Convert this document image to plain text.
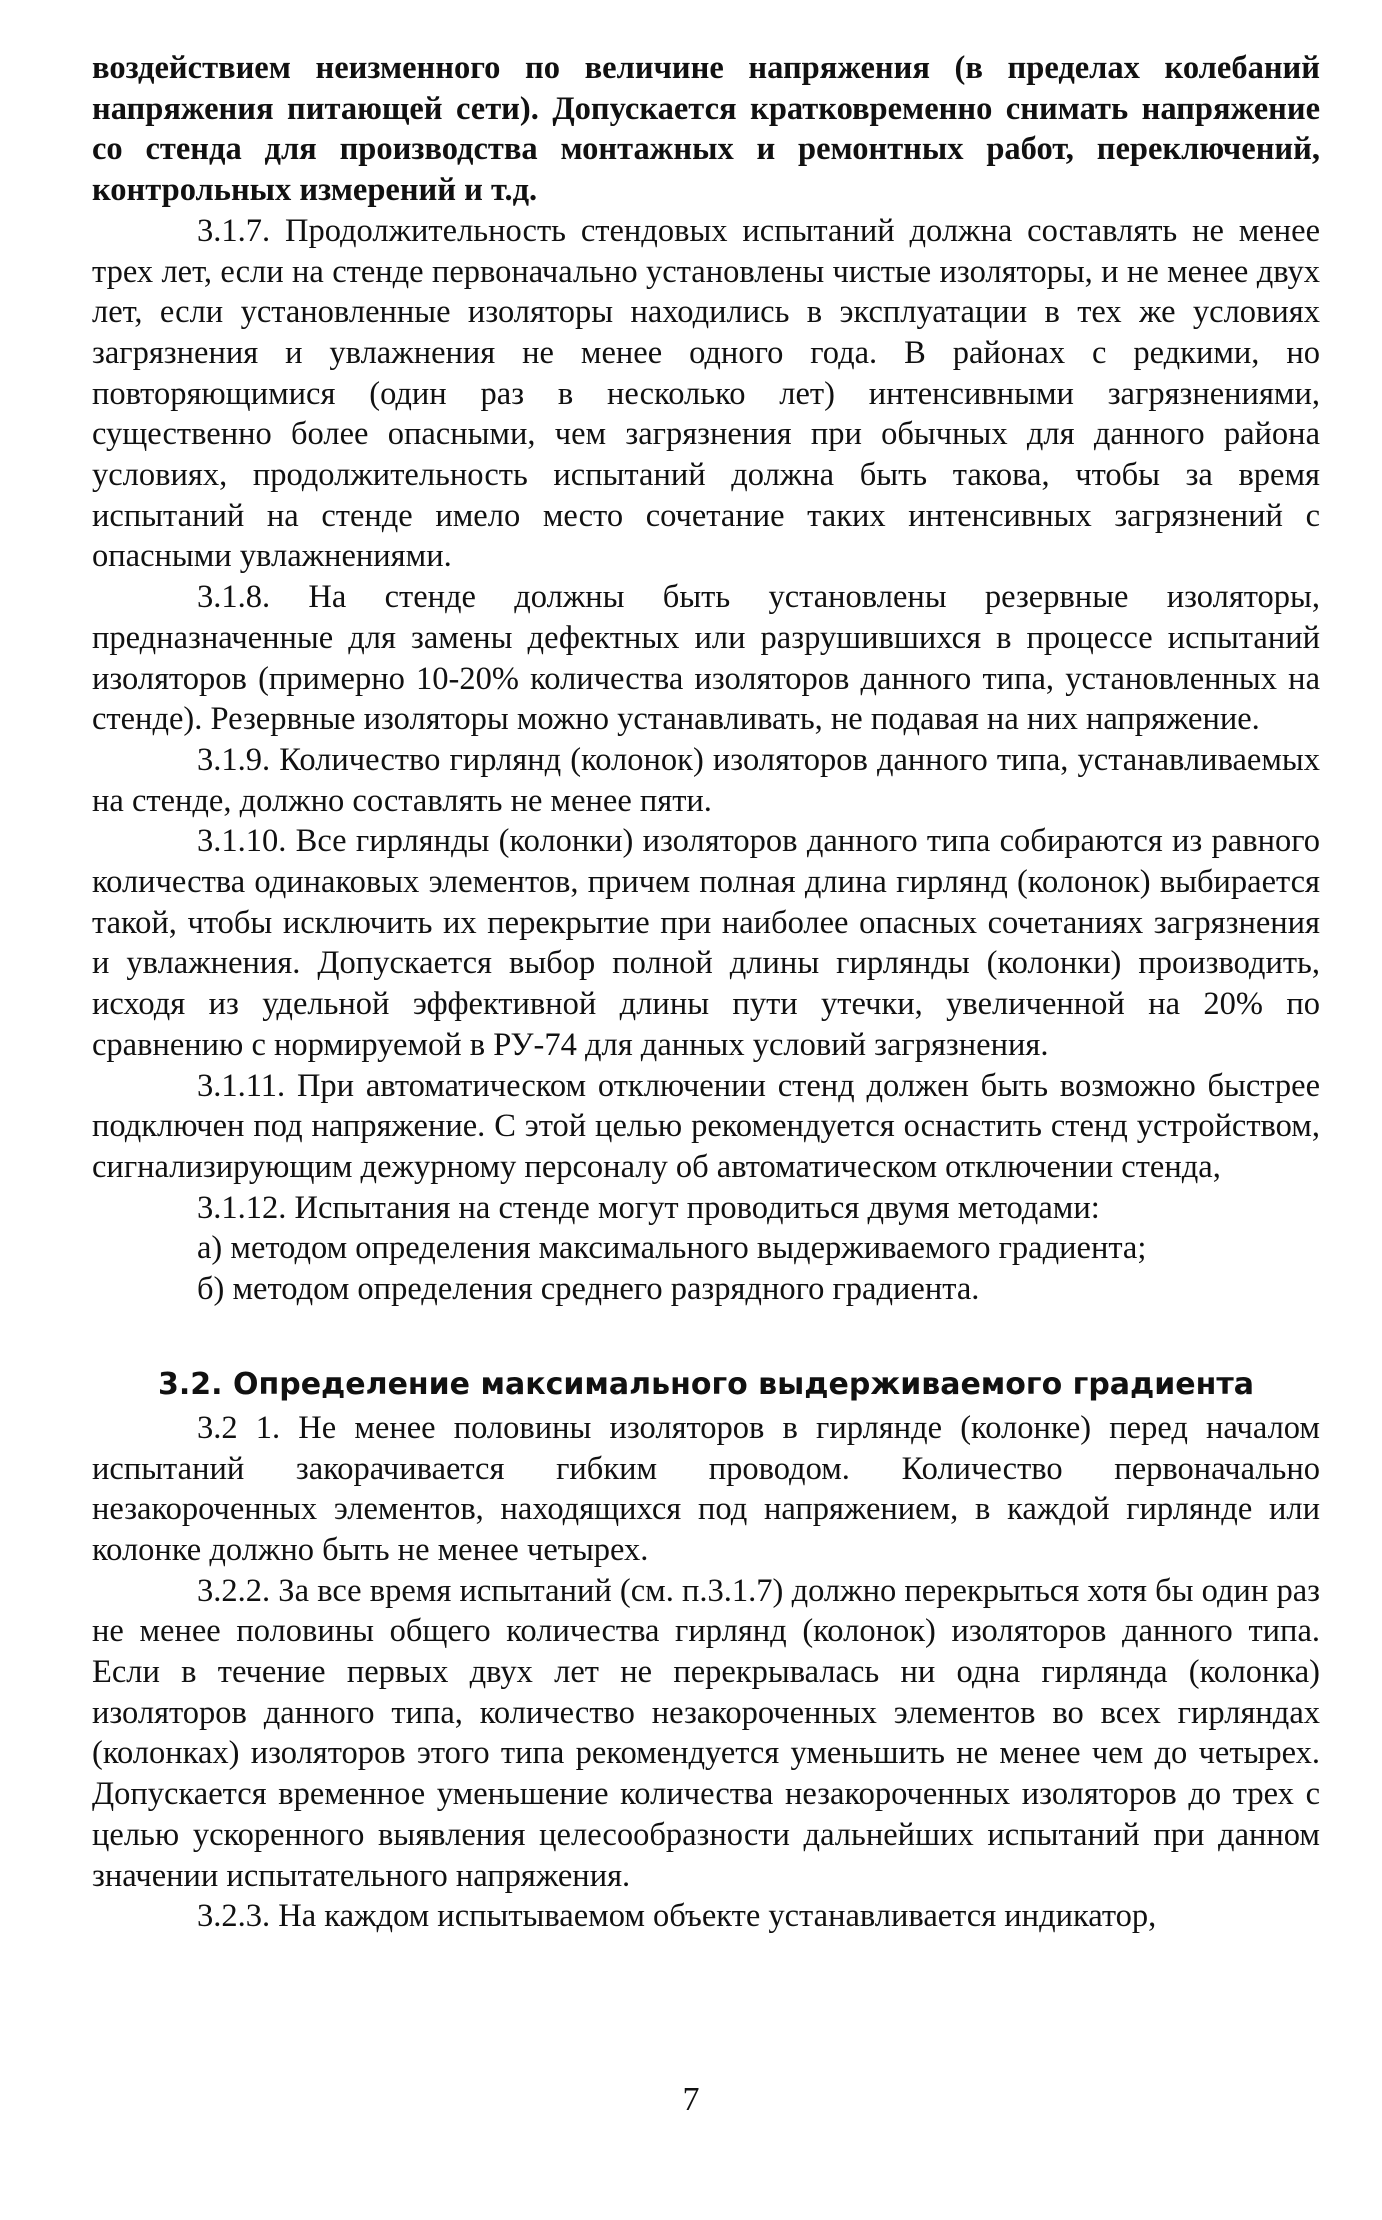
воздействием неизменного по величине напряжения (в пределах колебаний напряжения питающей сети). Допускается кратковременно снимать напряжение со стенда для производства монтажных и ремонтных работ, переключений, контрольных измерений и т.д.

3.1.7. Продолжительность стендовых испытаний должна составлять не менее трех лет, если на стенде первоначально установлены чистые изоляторы, и не менее двух лет, если установленные изоляторы находились в эксплуатации в тех же условиях загрязнения и увлажнения не менее одного года. В районах с редкими, но повторяющимися (один раз в несколько лет) интенсивными загрязнениями, существенно более опасными, чем загрязнения при обычных для данного района условиях, продолжительность испытаний должна быть такова, чтобы за время испытаний на стенде имело место сочетание таких интенсивных загрязнений с опасными увлажнениями.

3.1.8. На стенде должны быть установлены резервные изоляторы, предназначенные для замены дефектных или разрушившихся в процессе испытаний изоляторов (примерно 10-20% количества изоляторов данного типа, установленных на стенде). Резервные изоляторы можно устанавливать, не подавая на них напряжение.

3.1.9. Количество гирлянд (колонок) изоляторов данного типа, устанавливаемых на стенде, должно составлять не менее пяти.

3.1.10. Все гирлянды (колонки) изоляторов данного типа собираются из равного количества одинаковых элементов, причем полная длина гирлянд (колонок) выбирается такой, чтобы исключить их перекрытие при наиболее опасных сочетаниях загрязнения и увлажнения. Допускается выбор полной длины гирлянды (колонки) производить, исходя из удельной эффективной длины пути утечки, увеличенной на 20% по сравнению с нормируемой в РУ-74 для данных условий загрязнения.

3.1.11. При автоматическом отключении стенд должен быть возможно быстрее подключен под напряжение. С этой целью рекомендуется оснастить стенд устройством, сигнализирующим дежурному персоналу об автоматическом отключении стенда,

3.1.12. Испытания на стенде могут проводиться двумя методами:

а) методом определения максимального выдерживаемого градиента;

б) методом определения среднего разрядного градиента.

3.2. Определение максимального выдерживаемого градиента

3.2 1. Не менее половины изоляторов в гирлянде (колонке) перед началом испытаний закорачивается гибким проводом. Количество первоначально незакороченных элементов, находящихся под напряжением, в каждой гирлянде или колонке должно быть не менее четырех.

3.2.2. За все время испытаний (см. п.3.1.7) должно перекрыться хотя бы один раз не менее половины общего количества гирлянд (колонок) изоляторов данного типа. Если в течение первых двух лет не перекрывалась ни одна гирлянда (колонка) изоляторов данного типа, количество незакороченных элементов во всех гирляндах (колонках) изоляторов этого типа рекомендуется уменьшить не менее чем до четырех. Допускается временное уменьшение количества незакороченных изоляторов до трех с целью ускоренного выявления целесообразности дальнейших испытаний при данном значении испытательного напряжения.

3.2.3. На каждом испытываемом объекте устанавливается индикатор,

7
